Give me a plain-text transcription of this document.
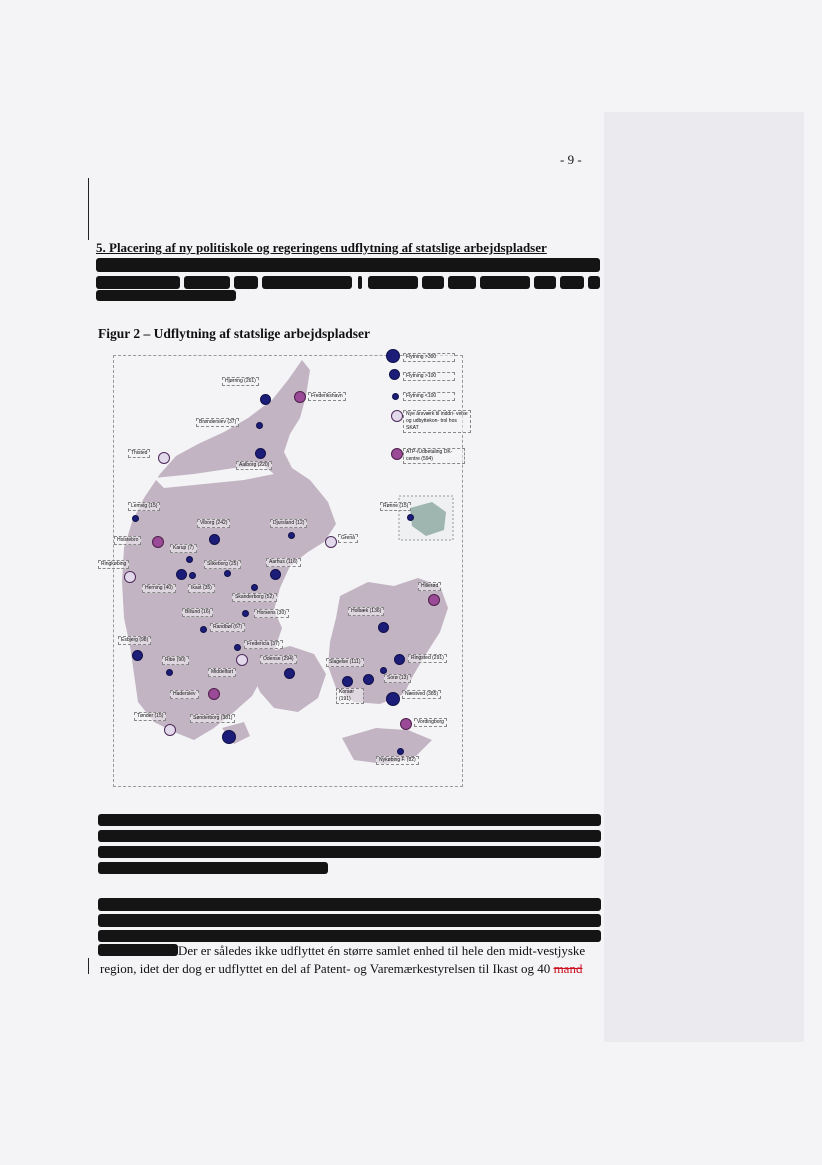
- 9 -
5. Placering af ny politiskole og regeringens udflytning af statslige arbejdspladser
Figur 2 – Udflytning af statslige arbejdspladser
Flytning >300
Flytning >100
Flytning <100
Nye årsværk til inddri- velse og udbyttekon- trol hos SKAT
ATP-/Udbetaling DK- centre (594)
Hjørring (261)
Frederikshavn
Brønderslev (37)
Thisted
Aalborg (220)
Lemvig (15)
Viborg (242)	Djursland (12)
Grenå
Holstebro
Karup (7)
Ringkøbing	Silkeborg (25)	Aarhus (116)
Herning (40)	Ikast (35)
Skanderborg (52)
Billund (16)	Horsens (30)
Randbøl (67)
Esbjerg (98)
Fredericia (37)
Ribe (90)	Odense (294)
Middelfart
Haderslev
Tønder (15)	Sønderborg (381)
Rønne (15)
Hillerød
Holbæk (136)
Slagelse (111)
Ringsted (291)
Sorø (13)
Korsør (191)
Næstved (385)
Vordingborg
Nykøbing F. (82)
Der er således ikke udflyttet én større samlet enhed til hele den midt-vestjyske
region, idet der dog er udflyttet en del af Patent- og Varemærkestyrelsen til Ikast og 40 mand
